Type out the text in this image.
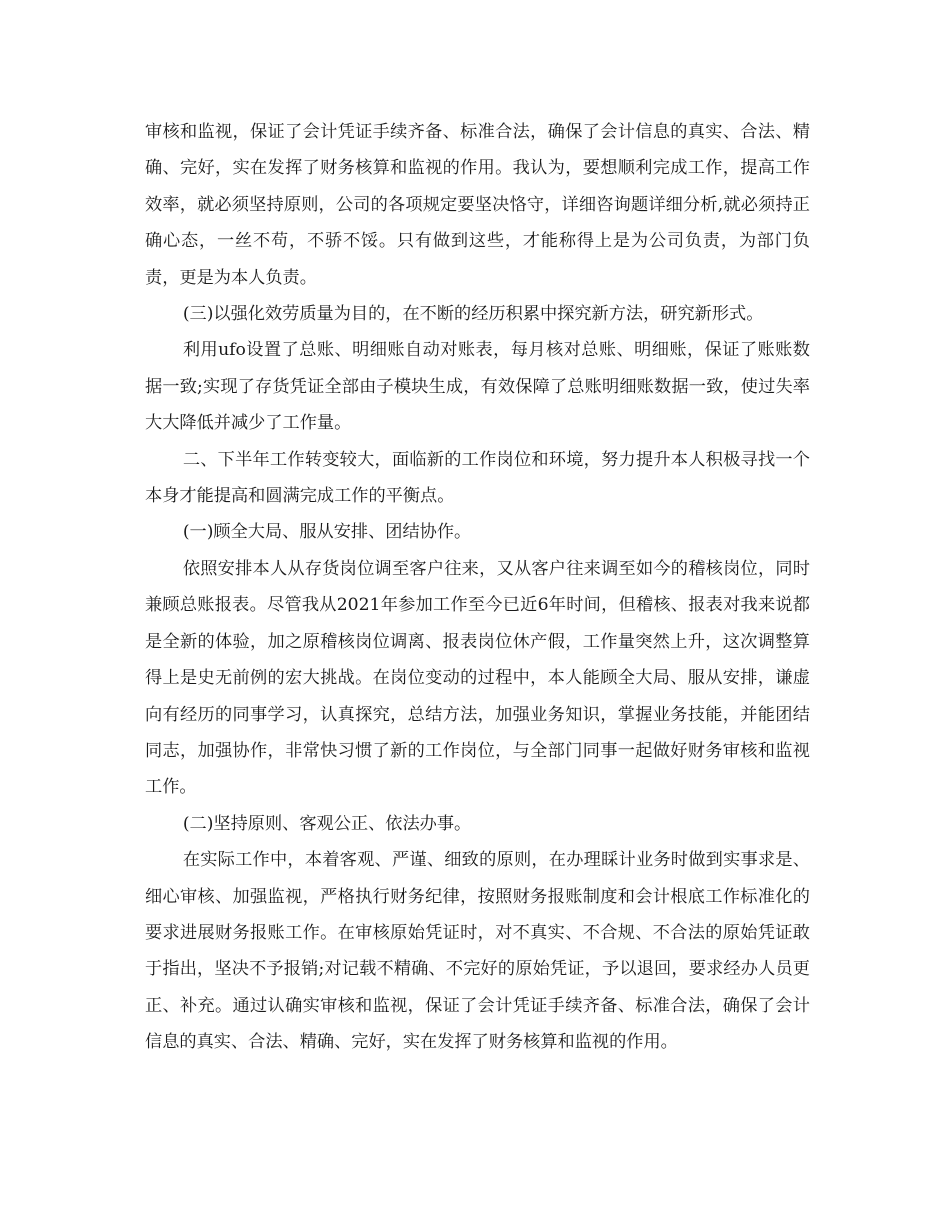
审核和监视，保证了会计凭证手续齐备、标准合法，确保了会计信息的真实、合法、精确、完好，实在发挥了财务核算和监视的作用。我认为，要想顺利完成工作，提高工作效率，就必须坚持原则，公司的各项规定要坚决恪守，详细咨询题详细分析,就必须持正确心态，一丝不苟，不骄不馁。只有做到这些，才能称得上是为公司负责，为部门负责，更是为本人负责。

(三)以强化效劳质量为目的，在不断的经历积累中探究新方法，研究新形式。

利用ufo设置了总账、明细账自动对账表，每月核对总账、明细账，保证了账账数据一致;实现了存货凭证全部由子模块生成，有效保障了总账明细账数据一致，使过失率大大降低并减少了工作量。

二、下半年工作转变较大，面临新的工作岗位和环境，努力提升本人积极寻找一个本身才能提高和圆满完成工作的平衡点。

(一)顾全大局、服从安排、团结协作。

依照安排本人从存货岗位调至客户往来，又从客户往来调至如今的稽核岗位，同时兼顾总账报表。尽管我从2021年参加工作至今已近6年时间，但稽核、报表对我来说都是全新的体验，加之原稽核岗位调离、报表岗位休产假，工作量突然上升，这次调整算得上是史无前例的宏大挑战。在岗位变动的过程中，本人能顾全大局、服从安排，谦虚向有经历的同事学习，认真探究，总结方法，加强业务知识，掌握业务技能，并能团结同志，加强协作，非常快习惯了新的工作岗位，与全部门同事一起做好财务审核和监视工作。

(二)坚持原则、客观公正、依法办事。

在实际工作中，本着客观、严谨、细致的原则，在办理睬计业务时做到实事求是、细心审核、加强监视，严格执行财务纪律，按照财务报账制度和会计根底工作标准化的要求进展财务报账工作。在审核原始凭证时，对不真实、不合规、不合法的原始凭证敢于指出，坚决不予报销;对记载不精确、不完好的原始凭证，予以退回，要求经办人员更正、补充。通过认确实审核和监视，保证了会计凭证手续齐备、标准合法，确保了会计信息的真实、合法、精确、完好，实在发挥了财务核算和监视的作用。
